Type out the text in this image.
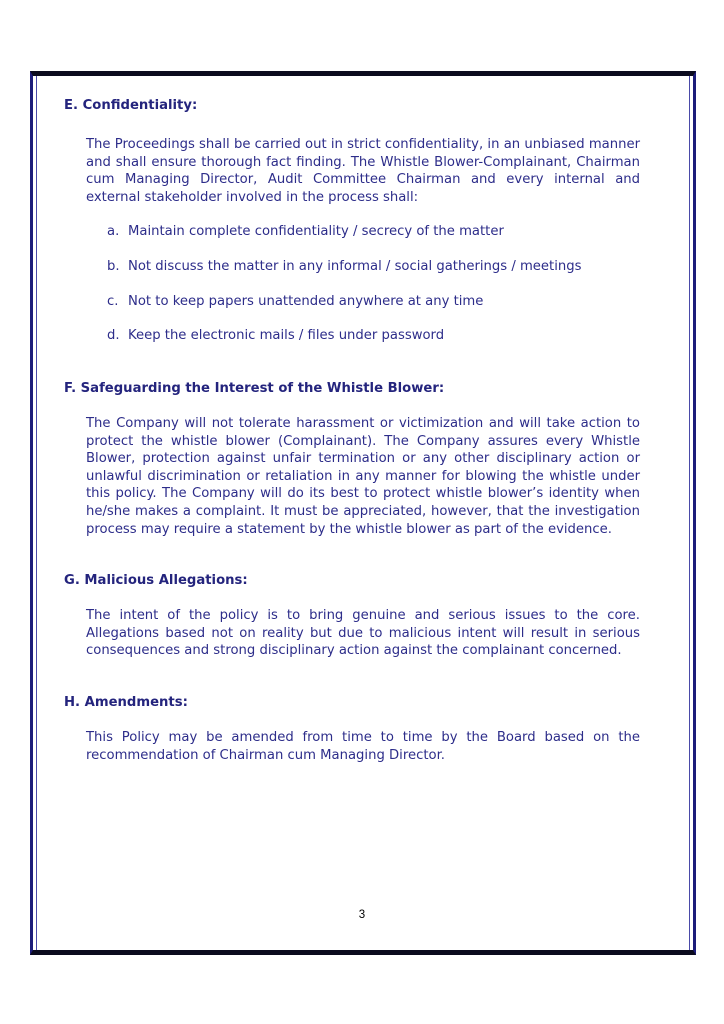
E. Confidentiality:
The Proceedings shall be carried out in strict confidentiality, in an unbiased manner and shall ensure thorough fact finding. The Whistle Blower-Complainant, Chairman cum Managing Director, Audit Committee Chairman and every internal and external stakeholder involved in the process shall:
a. Maintain complete confidentiality / secrecy of the matter
b. Not discuss the matter in any informal / social gatherings / meetings
c. Not to keep papers unattended anywhere at any time
d. Keep the electronic mails / files under password
F. Safeguarding the Interest of the Whistle Blower:
The Company will not tolerate harassment or victimization and will take action to protect the whistle blower (Complainant). The Company assures every Whistle Blower, protection against unfair termination or any other disciplinary action or unlawful discrimination or retaliation in any manner for blowing the whistle under this policy. The Company will do its best to protect whistle blower’s identity when he/she makes a complaint. It must be appreciated, however, that the investigation process may require a statement by the whistle blower as part of the evidence.
G. Malicious Allegations:
The intent of the policy is to bring genuine and serious issues to the core. Allegations based not on reality but due to malicious intent will result in serious consequences and strong disciplinary action against the complainant concerned.
H. Amendments:
This Policy may be amended from time to time by the Board based on the recommendation of Chairman cum Managing Director.
3
